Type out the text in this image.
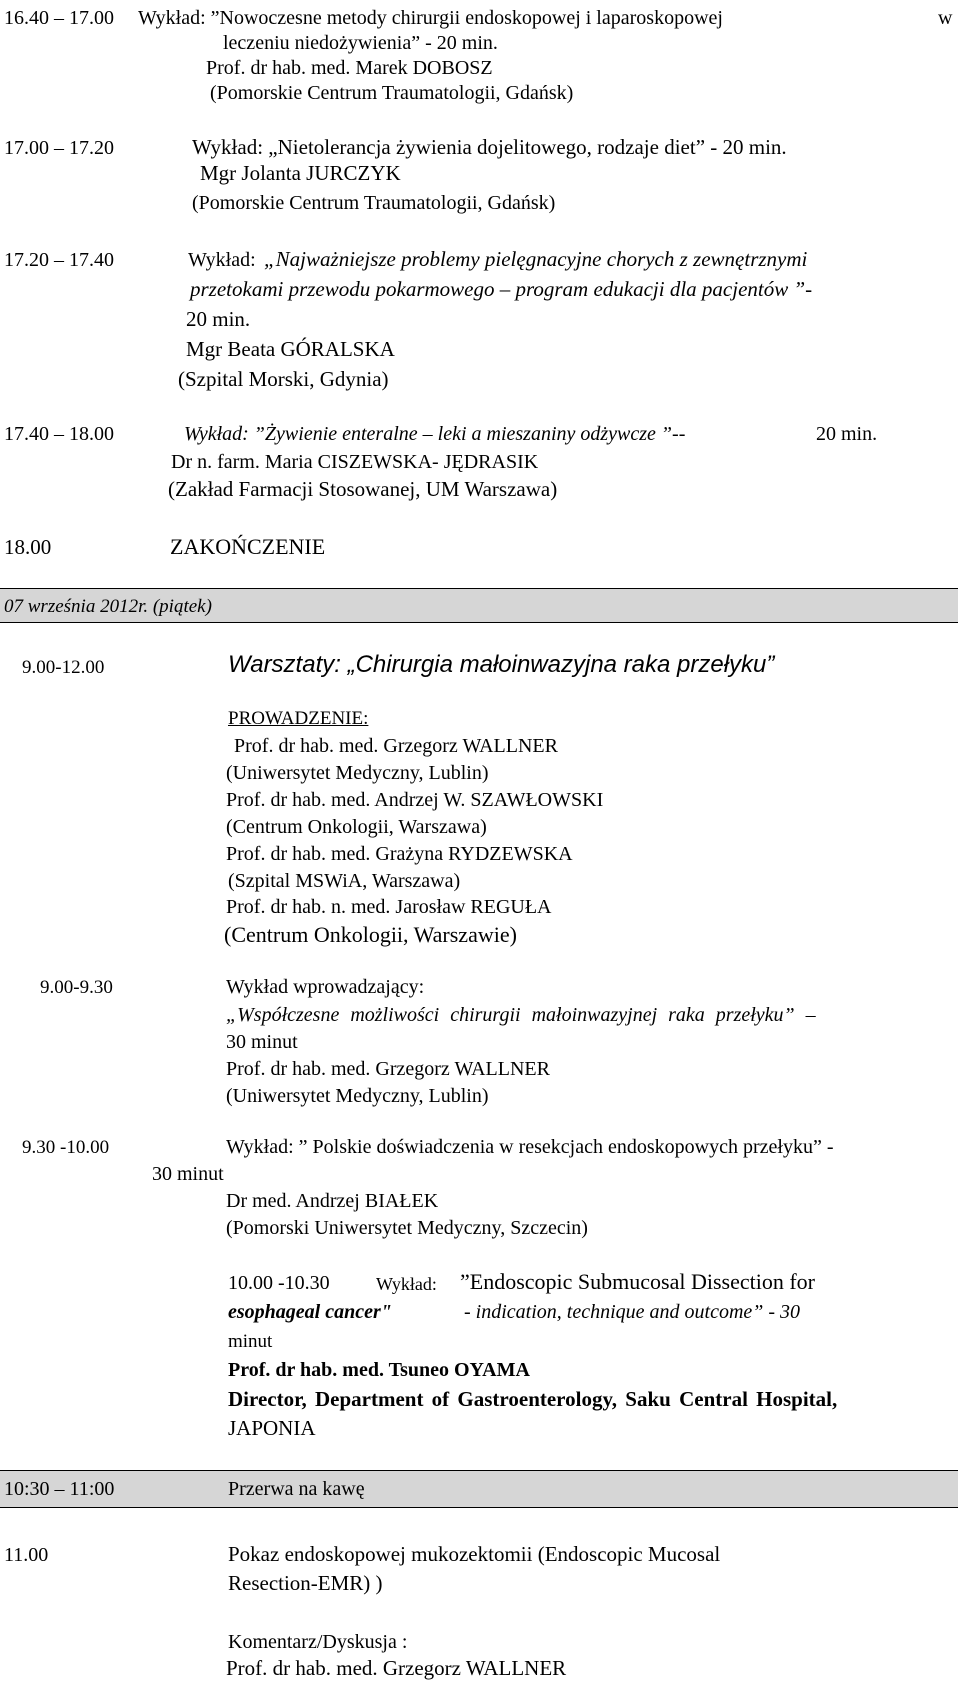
16.40 – 17.00 Wykład: ”Nowoczesne metody chirurgii endoskopowej i laparoskopowej	w
leczeniu niedożywienia” - 20 min.
Prof. dr hab. med. Marek DOBOSZ
(Pomorskie Centrum Traumatologii, Gdańsk)
17.00 – 17.20	Wykład: „Nietolerancja żywienia dojelitowego, rodzaje diet” - 20 min.
Mgr Jolanta JURCZYK
(Pomorskie Centrum Traumatologii, Gdańsk)
17.20 – 17.40	Wykład: „Najważniejsze problemy pielęgnacyjne chorych z zewnętrznymi
przetokami przewodu pokarmowego – program edukacji dla pacjentów ”-
20 min.
Mgr Beata GÓRALSKA
(Szpital Morski, Gdynia)
17.40 – 18.00	Wykład: ”Żywienie enteralne – leki a mieszaniny odżywcze ”--	20 min.
Dr n. farm. Maria CISZEWSKA- JĘDRASIK
(Zakład Farmacji Stosowanej, UM Warszawa)
18.00	ZAKOŃCZENIE
07 września 2012r. (piątek)
9.00-12.00	Warsztaty: „Chirurgia małoinwazyjna raka przełyku”
PROWADZENIE:
Prof. dr hab. med. Grzegorz WALLNER
(Uniwersytet Medyczny, Lublin)
Prof. dr hab. med. Andrzej W. SZAWŁOWSKI
(Centrum Onkologii, Warszawa)
Prof. dr hab. med. Grażyna RYDZEWSKA
(Szpital MSWiA, Warszawa)
Prof. dr hab. n. med. Jarosław REGUŁA
(Centrum Onkologii, Warszawie)
9.00-9.30	Wykład wprowadzający:
„Współczesne możliwości chirurgii małoinwazyjnej raka przełyku” –
30 minut
Prof. dr hab. med. Grzegorz WALLNER
(Uniwersytet Medyczny, Lublin)
9.30 -10.00	Wykład: ” Polskie doświadczenia w resekcjach endoskopowych przełyku” -
30 minut
Dr med. Andrzej BIAŁEK
(Pomorski Uniwersytet Medyczny, Szczecin)
10.00 -10.30	Wykład: ”Endoscopic Submucosal Dissection for
esophageal cancer"	- indication, technique and outcome” - 30
minut
Prof. dr hab. med. Tsuneo OYAMA
Director, Department of Gastroenterology, Saku Central Hospital,
JAPONIA
10:30 – 11:00	Przerwa na kawę
11.00	Pokaz endoskopowej mukozektomii (Endoscopic Mucosal
Resection-EMR) )
Komentarz/Dyskusja :
Prof. dr hab. med. Grzegorz WALLNER
